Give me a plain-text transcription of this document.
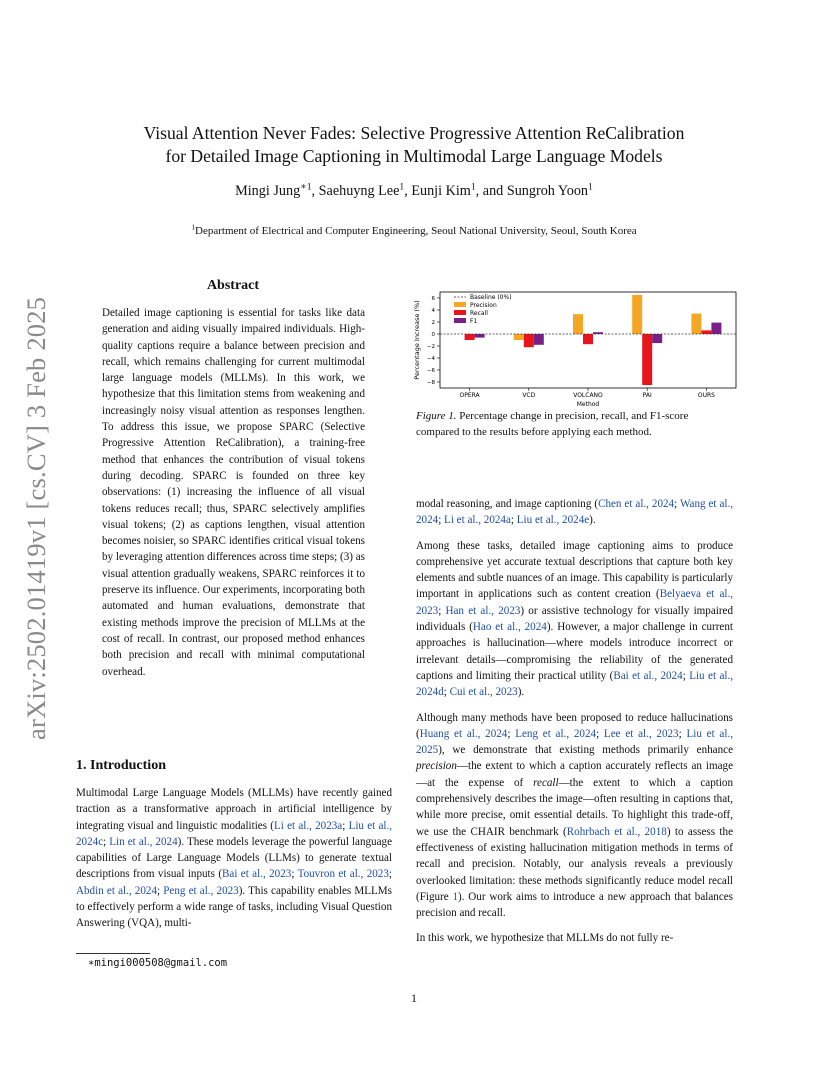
Visual Attention Never Fades: Selective Progressive Attention ReCalibration
for Detailed Image Captioning in Multimodal Large Language Models
Mingi Jung$^{∗1}$, Saehuyng Lee$^1$, Eunji Kim$^1$, and Sungroh Yoon$^1$
$^1$Department of Electrical and Computer Engineering, Seoul National University, Seoul, South Korea
arXiv:2502.01419v1 [cs.CV] 3 Feb 2025
Abstract
Detailed image captioning is essential for tasks like data generation and aiding visually impaired individuals. High-quality captions require a balance between precision and recall, which remains challenging for current multimodal large language models (MLLMs). In this work, we hypothesize that this limitation stems from weakening and increasingly noisy visual attention as responses lengthen. To address this issue, we propose SPARC (Selective Progressive Attention ReCalibration), a training-free method that enhances the contribution of visual tokens during decoding. SPARC is founded on three key observations: (1) increasing the influence of all visual tokens reduces recall; thus, SPARC selectively amplifies visual tokens; (2) as captions lengthen, visual attention becomes noisier, so SPARC identifies critical visual tokens by leveraging attention differences across time steps; (3) as visual attention gradually weakens, SPARC reinforces it to preserve its influence. Our experiments, incorporating both automated and human evaluations, demonstrate that existing methods improve the precision of MLLMs at the cost of recall. In contrast, our proposed method enhances both precision and recall with minimal computational overhead.
1. Introduction
Multimodal Large Language Models (MLLMs) have recently gained traction as a transformative approach in artificial intelligence by integrating visual and linguistic modalities (Li et al., 2023a; Liu et al., 2024c; Lin et al., 2024). These models leverage the powerful language capabilities of Large Language Models (LLMs) to generate textual descriptions from visual inputs (Bai et al., 2023; Touvron et al., 2023; Abdin et al., 2024; Peng et al., 2023). This capability enables MLLMs to effectively perform a wide range of tasks, including Visual Question Answering (VQA), multi-
∗mingi000508@gmail.com
1
6
4
2
0
−2
−4
−6
−8
Percentage Increase (%)
OPERA	VCD	VOLCANO	PAI	OURS
Method
Baseline (0%)
Precision
Recall
F1
Figure 1. Percentage change in precision, recall, and F1-score compared to the results before applying each method.
modal reasoning, and image captioning (Chen et al., 2024; Wang et al., 2024; Li et al., 2024a; Liu et al., 2024e).
Among these tasks, detailed image captioning aims to produce comprehensive yet accurate textual descriptions that capture both key elements and subtle nuances of an image. This capability is particularly important in applications such as content creation (Belyaeva et al., 2023; Han et al., 2023) or assistive technology for visually impaired individuals (Hao et al., 2024). However, a major challenge in current approaches is hallucination—where models introduce incorrect or irrelevant details—compromising the reliability of the generated captions and limiting their practical utility (Bai et al., 2024; Liu et al., 2024d; Cui et al., 2023).
Although many methods have been proposed to reduce hallucinations (Huang et al., 2024; Leng et al., 2024; Lee et al., 2023; Liu et al., 2025), we demonstrate that existing methods primarily enhance precision—the extent to which a caption accurately reflects an image—at the expense of recall—the extent to which a caption comprehensively describes the image—often resulting in captions that, while more precise, omit essential details. To highlight this trade-off, we use the CHAIR benchmark (Rohrbach et al., 2018) to assess the effectiveness of existing hallucination mitigation methods in terms of recall and precision. Notably, our analysis reveals a previously overlooked limitation: these methods significantly reduce model recall (Figure 1). Our work aims to introduce a new approach that balances precision and recall.
In this work, we hypothesize that MLLMs do not fully re-
